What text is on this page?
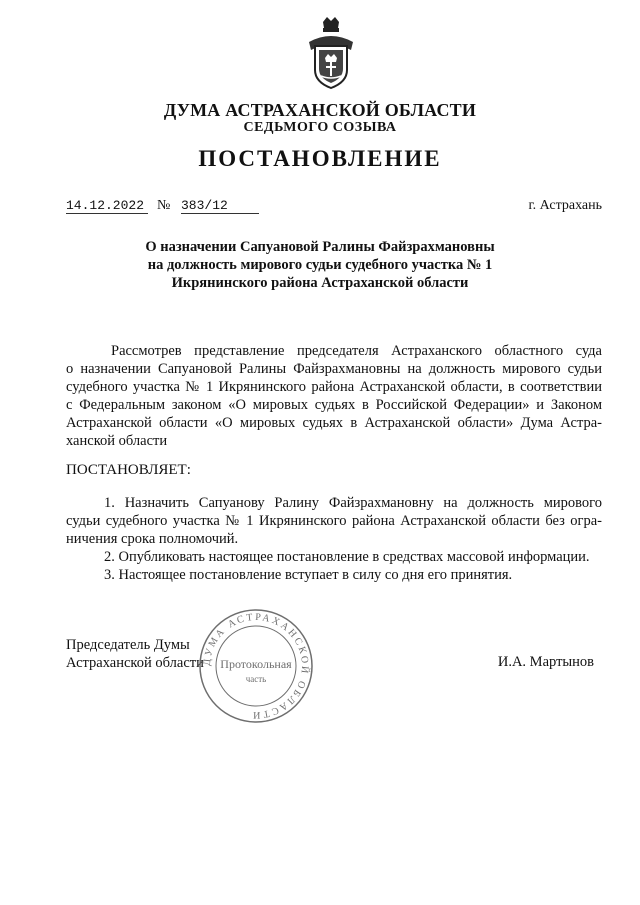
ДУМА АСТРАХАНСКОЙ ОБЛАСТИ
СЕДЬМОГО СОЗЫВА
ПОСТАНОВЛЕНИЕ
14.12.2022 № 383/12	г. Астрахань
О назначении Сапуановой Ралины Файзрахмановны
на должность мирового судьи судебного участка № 1
Икрянинского района Астраханской области
Рассмотрев представление председателя Астраханского областного суда
о назначении Сапуановой Ралины Файзрахмановны на должность мирового судьи
судебного участка № 1 Икрянинского района Астраханской области, в соответствии
с Федеральным законом «О мировых судьях в Российской Федерации» и Законом
Астраханской области «О мировых судьях в Астраханской области» Дума Астра-
ханской области
ПОСТАНОВЛЯЕТ:
1. Назначить Сапуанову Ралину Файзрахмановну на должность мирового
судьи судебного участка № 1 Икрянинского района Астраханской области без огра-
ничения срока полномочий.
2. Опубликовать настоящее постановление в средствах массовой информации.
3. Настоящее постановление вступает в силу со дня его принятия.
Председатель Думы
Астраханской области	И.А. Мартынов
ДУМА АСТРАХАНСКОЙ ОБЛАСТИ
Протокольная
часть
